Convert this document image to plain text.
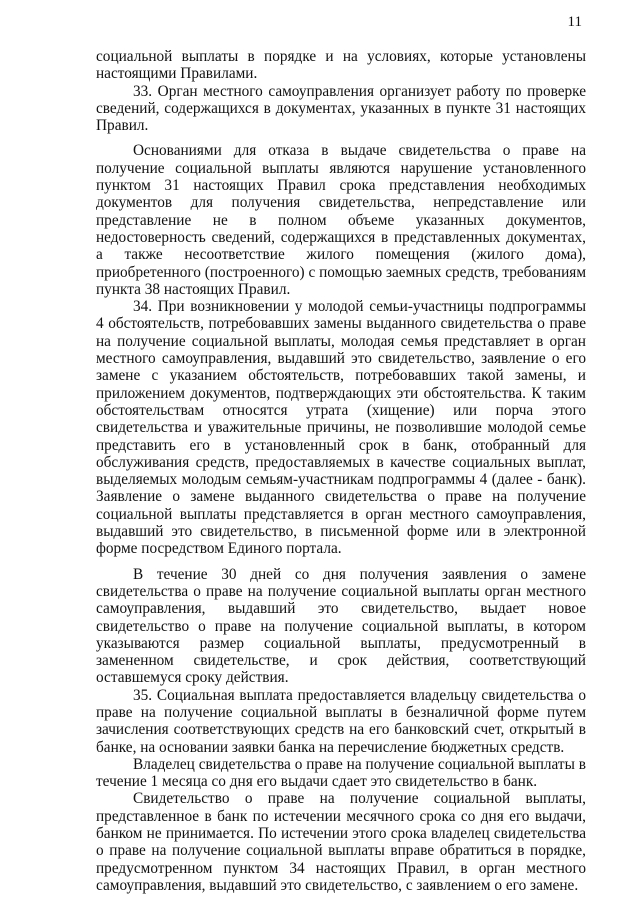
11

социальной выплаты в порядке и на условиях, которые установлены настоящими Правилами.

33. Орган местного самоуправления организует работу по проверке сведений, содержащихся в документах, указанных в пункте 31 настоящих Правил.

Основаниями для отказа в выдаче свидетельства о праве на получение социальной выплаты являются нарушение установленного пунктом 31 настоящих Правил срока представления необходимых документов для получения свидетельства, непредставление или представление не в полном объеме указанных документов, недостоверность сведений, содержащихся в представленных документах, а также несоответствие жилого помещения (жилого дома), приобретенного (построенного) с помощью заемных средств, требованиям пункта 38 настоящих Правил.

34. При возникновении у молодой семьи-участницы подпрограммы 4 обстоятельств, потребовавших замены выданного свидетельства о праве на получение социальной выплаты, молодая семья представляет в орган местного самоуправления, выдавший это свидетельство, заявление о его замене с указанием обстоятельств, потребовавших такой замены, и приложением документов, подтверждающих эти обстоятельства. К таким обстоятельствам относятся утрата (хищение) или порча этого свидетельства и уважительные причины, не позволившие молодой семье представить его в установленный срок в банк, отобранный для обслуживания средств, предоставляемых в качестве социальных выплат, выделяемых молодым семьям-участникам подпрограммы 4 (далее - банк). Заявление о замене выданного свидетельства о праве на получение социальной выплаты представляется в орган местного самоуправления, выдавший это свидетельство, в письменной форме или в электронной форме посредством Единого портала.

В течение 30 дней со дня получения заявления о замене свидетельства о праве на получение социальной выплаты орган местного самоуправления, выдавший это свидетельство, выдает новое свидетельство о праве на получение социальной выплаты, в котором указываются размер социальной выплаты, предусмотренный в замененном свидетельстве, и срок действия, соответствующий оставшемуся сроку действия.

35. Социальная выплата предоставляется владельцу свидетельства о праве на получение социальной выплаты в безналичной форме путем зачисления соответствующих средств на его банковский счет, открытый в банке, на основании заявки банка на перечисление бюджетных средств.

Владелец свидетельства о праве на получение социальной выплаты в течение 1 месяца со дня его выдачи сдает это свидетельство в банк.

Свидетельство о праве на получение социальной выплаты, представленное в банк по истечении месячного срока со дня его выдачи, банком не принимается. По истечении этого срока владелец свидетельства о праве на получение социальной выплаты вправе обратиться в порядке, предусмотренном пунктом 34 настоящих Правил, в орган местного самоуправления, выдавший это свидетельство, с заявлением о его замене.
